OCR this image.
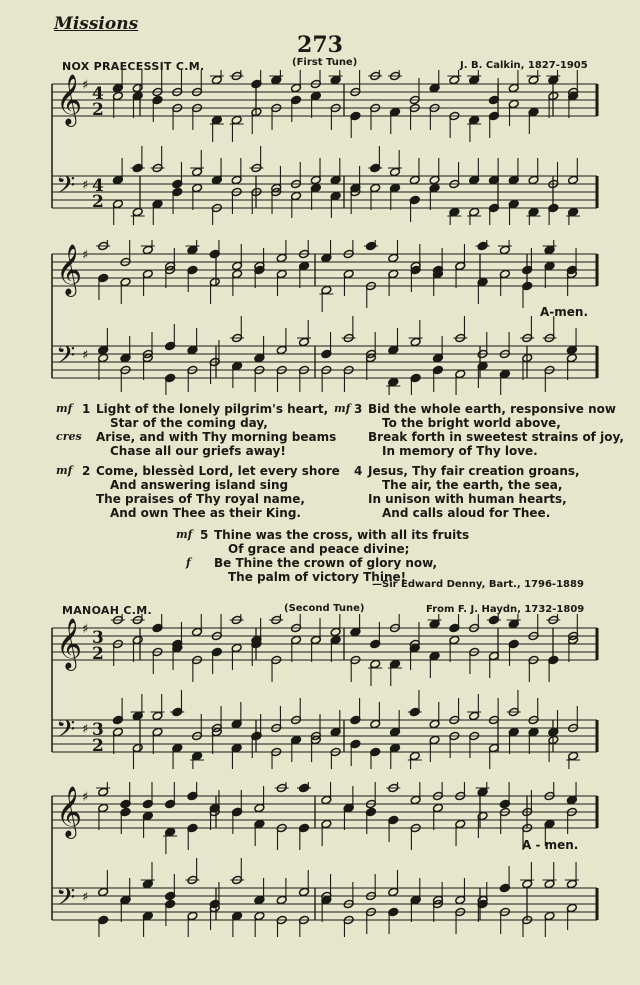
Missions
273
NOX PRAECESSIT C.M.	(First Tune)	J. B. Calkin, 1827-1905
𝄞 ♯ 4
2
𝄢 ♯ 4
2
𝄞 ♯
𝄢 ♯
A-men.
1
mf Light of the lonely pilgrim's heart,
Star of the coming day,
cres Arise, and with Thy morning beams
Chase all our griefs away!
2
mf Come, blessèd Lord, let every shore
And answering island sing
The praises of Thy royal name,
And own Thee as their King.
3
mf Bid the whole earth, responsive now
To the bright world above,
Break forth in sweetest strains of joy,
In memory of Thy love.
4 Jesus, Thy fair creation groans,
The air, the earth, the sea,
In unison with human hearts,
And calls aloud for Thee.
5
mf Thine was the cross, with all its fruits
Of grace and peace divine;
f Be Thine the crown of glory now,
The palm of victory Thine!
—Sir Edward Denny, Bart., 1796-1889
MANOAH C.M.	(Second Tune)	From F. J. Haydn, 1732-1809
𝄞 ♯ 3
2
𝄢 ♯ 3
2
𝄞 ♯
𝄢 ♯
A - men.
